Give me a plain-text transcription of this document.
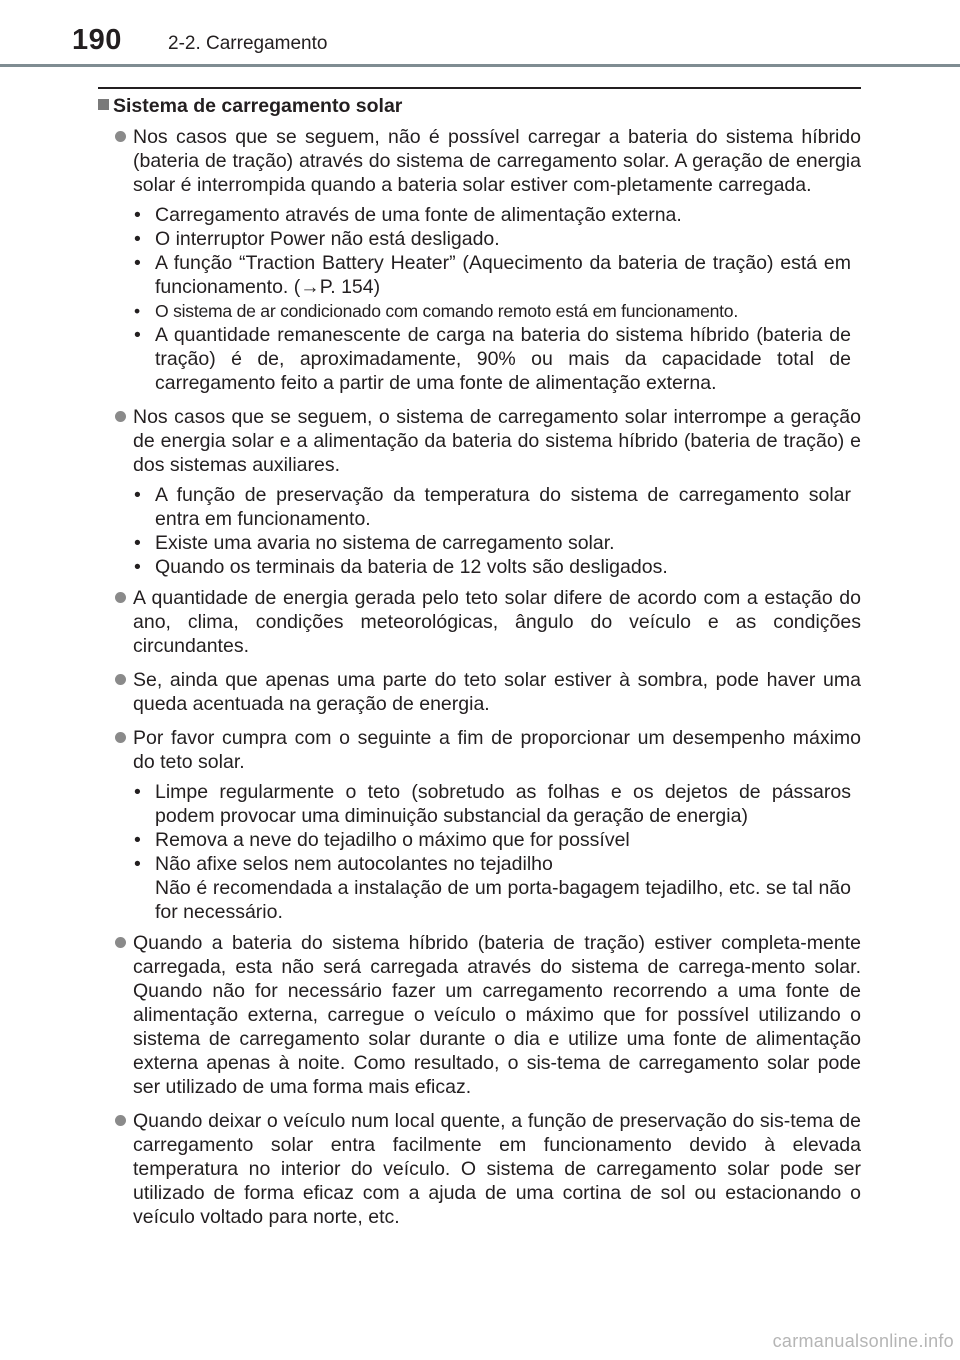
190 2-2. Carregamento
Sistema de carregamento solar
Nos casos que se seguem, não é possível carregar a bateria do sistema híbrido (bateria de tração) através do sistema de carregamento solar. A geração de energia solar é interrompida quando a bateria solar estiver com-pletamente carregada.
• Carregamento através de uma fonte de alimentação externa.
• O interruptor Power não está desligado.
• A função “Traction Battery Heater” (Aquecimento da bateria de tração) está em funcionamento. (→P. 154)
• O sistema de ar condicionado com comando remoto está em funcionamento.
• A quantidade remanescente de carga na bateria do sistema híbrido (bateria de tração) é de, aproximadamente, 90% ou mais da capacidade total de carregamento feito a partir de uma fonte de alimentação externa.
Nos casos que se seguem, o sistema de carregamento solar interrompe a geração de energia solar e a alimentação da bateria do sistema híbrido (bateria de tração) e dos sistemas auxiliares.
• A função de preservação da temperatura do sistema de carregamento solar entra em funcionamento.
• Existe uma avaria no sistema de carregamento solar.
• Quando os terminais da bateria de 12 volts são desligados.
A quantidade de energia gerada pelo teto solar difere de acordo com a estação do ano, clima, condições meteorológicas, ângulo do veículo e as condições circundantes.
Se, ainda que apenas uma parte do teto solar estiver à sombra, pode haver uma queda acentuada na geração de energia.
Por favor cumpra com o seguinte a fim de proporcionar um desempenho máximo do teto solar.
• Limpe regularmente o teto (sobretudo as folhas e os dejetos de pássaros podem provocar uma diminuição substancial da geração de energia)
• Remova a neve do tejadilho o máximo que for possível
• Não afixe selos nem autocolantes no tejadilho
Não é recomendada a instalação de um porta-bagagem tejadilho, etc. se tal não for necessário.
Quando a bateria do sistema híbrido (bateria de tração) estiver completa-mente carregada, esta não será carregada através do sistema de carrega-mento solar. Quando não for necessário fazer um carregamento recorrendo a uma fonte de alimentação externa, carregue o veículo o máximo que for possível utilizando o sistema de carregamento solar durante o dia e utilize uma fonte de alimentação externa apenas à noite. Como resultado, o sis-tema de carregamento solar pode ser utilizado de uma forma mais eficaz.
Quando deixar o veículo num local quente, a função de preservação do sis-tema de carregamento solar entra facilmente em funcionamento devido à elevada temperatura no interior do veículo. O sistema de carregamento solar pode ser utilizado de forma eficaz com a ajuda de uma cortina de sol ou estacionando o veículo voltado para norte, etc.
carmanualsonline.info
